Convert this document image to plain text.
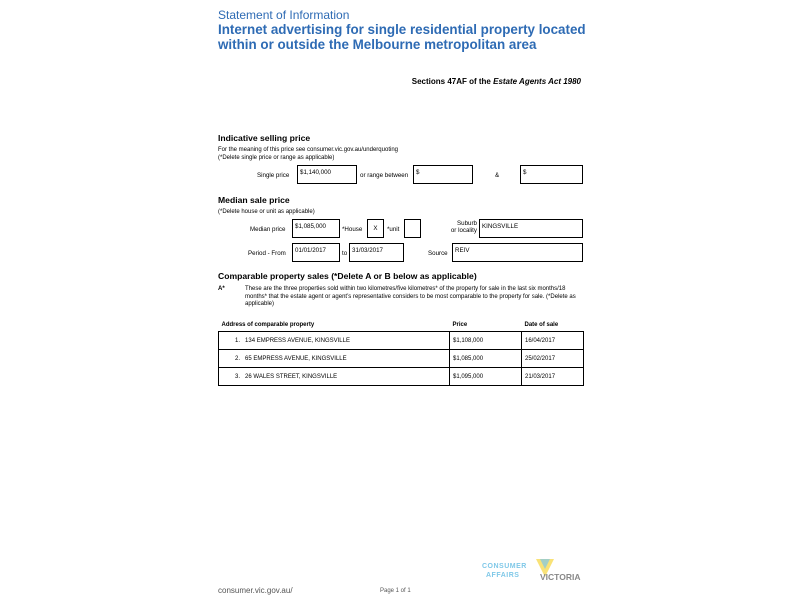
Statement of Information
Internet advertising for single residential property located within or outside the Melbourne metropolitan area
Sections 47AF of the Estate Agents Act 1980
Indicative selling price
For the meaning of this price see consumer.vic.gov.au/underquoting
(*Delete single price or range as applicable)
Single price	$1,140,000	or range between	$	&	$
Median sale price
(*Delete house or unit as applicable)
Median price	$1,085,000	*House	X	*unit
Suburb
or locality
KINGSVILLE
Period - From	01/01/2017	to 31/03/2017	Source	REIV
Comparable property sales (*Delete A or B below as applicable)
A*	These are the three properties sold within two kilometres/five kilometres* of the property for sale in the last six months/18 months* that the estate agent or agent’s representative considers to be most comparable to the property for sale. (*Delete as applicable)
Address of comparable property	Price	Date of sale
1. 134 EMPRESS AVENUE, KINGSVILLE	$1,108,000	16/04/2017
2. 65 EMPRESS AVENUE, KINGSVILLE	$1,085,000	25/02/2017
3. 26 WALES STREET, KINGSVILLE	$1,095,000	21/03/2017
consumer.vic.gov.au/	Page 1 of 1
CONSUMER
AFFAIRS VICTORIA
